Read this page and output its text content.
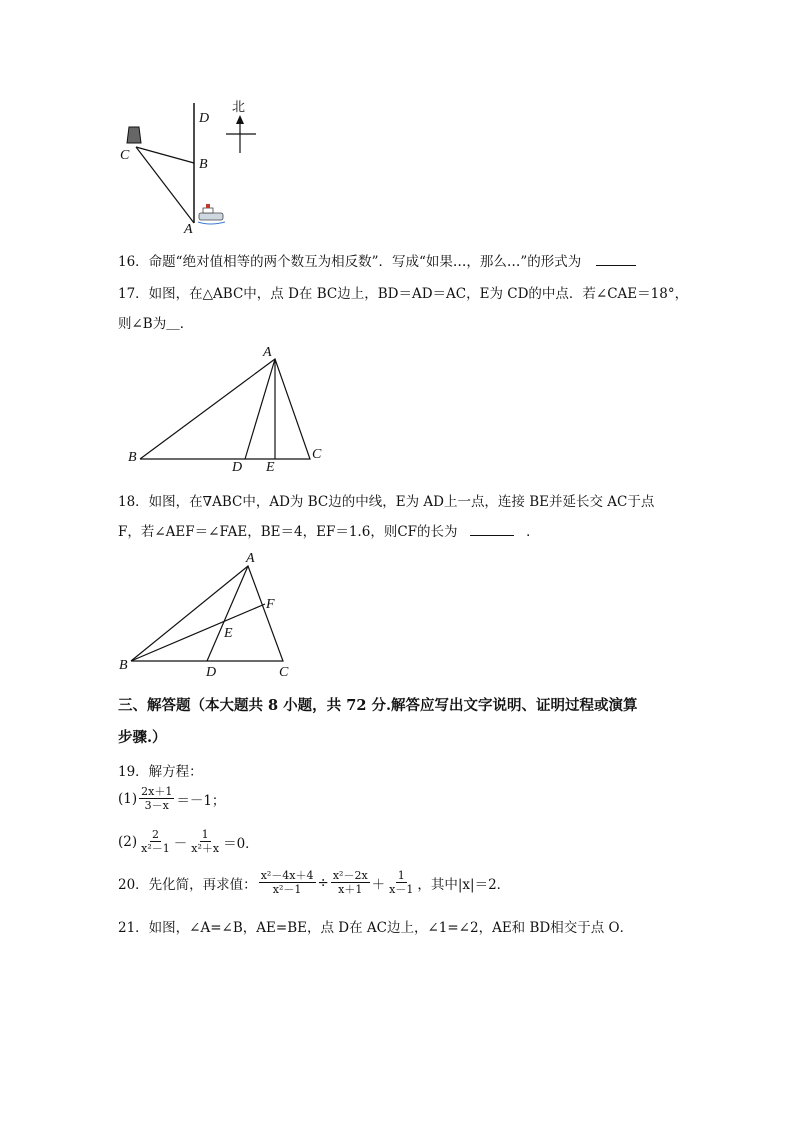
北
D
C
B
A
16．命题“绝对值相等的两个数互为相反数”．写成“如果…，那么…”的形式为
17．如图，在△ABC中，点 D在 BC边上，BD＝AD＝AC，E为 CD的中点．若∠CAE＝18°，
则∠B为＿．
A
B
D E
C
18．如图，在∇ABC中，AD为 BC边的中线，E为 AD上一点，连接 BE并延长交 AC于点
F，若∠AEF＝∠FAE，BE＝4，EF＝1.6，则CF的长为	．
A
F
E
B	D	C
三、解答题（本大题共 8 小题，共 72 分.解答应写出文字说明、证明过程或演算
步骤.）
19．解方程：
$(1) \frac{2x+1}{3-x} =-1$；
$(2) \frac{2}{\text{x²－1}} - \frac{1}{\text{x²＋x}} =0$．
20．先化简，再求值： $\frac{\text{x²－4x＋4}}{\text{x²－1}} \div \frac{\text{x²－2x}}{x+1} + \frac{1}{x-1}$ ，其中|x|＝2．
21．如图，∠A=∠B，AE=BE，点 D在 AC边上，∠1=∠2，AE和 BD相交于点 O．
